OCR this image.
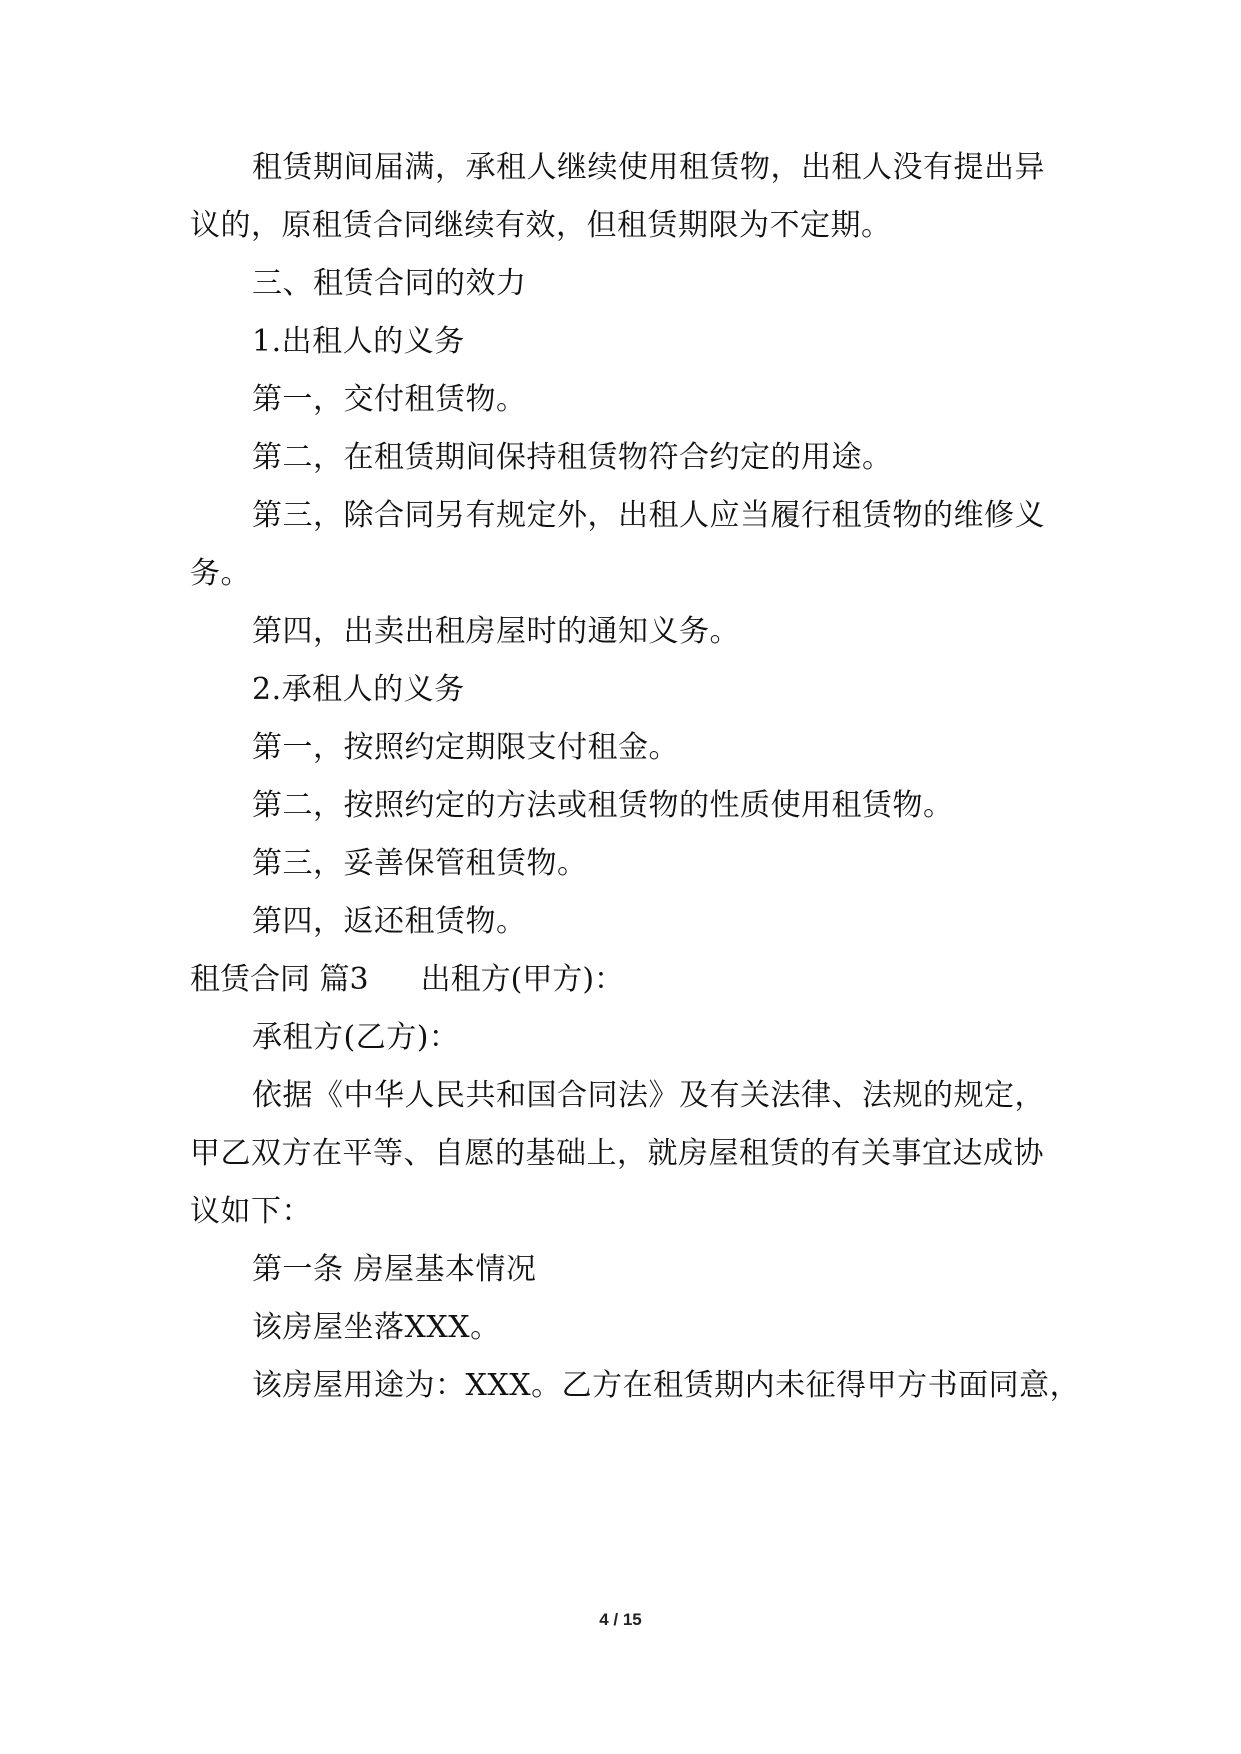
租赁期间届满，承租人继续使用租赁物，出租人没有提出异
议的，原租赁合同继续有效，但租赁期限为不定期。
三、租赁合同的效力
1.出租人的义务
第一，交付租赁物。
第二，在租赁期间保持租赁物符合约定的用途。
第三，除合同另有规定外，出租人应当履行租赁物的维修义
务。
第四，出卖出租房屋时的通知义务。
2.承租人的义务
第一，按照约定期限支付租金。
第二，按照约定的方法或租赁物的性质使用租赁物。
第三，妥善保管租赁物。
第四，返还租赁物。
租赁合同 篇3 出租方(甲方)：
承租方(乙方)：
依据《中华人民共和国合同法》及有关法律、法规的规定，
甲乙双方在平等、自愿的基础上，就房屋租赁的有关事宜达成协
议如下：
第一条 房屋基本情况
该房屋坐落XXX。
该房屋用途为：XXX。乙方在租赁期内未征得甲方书面同意，
4 / 15
